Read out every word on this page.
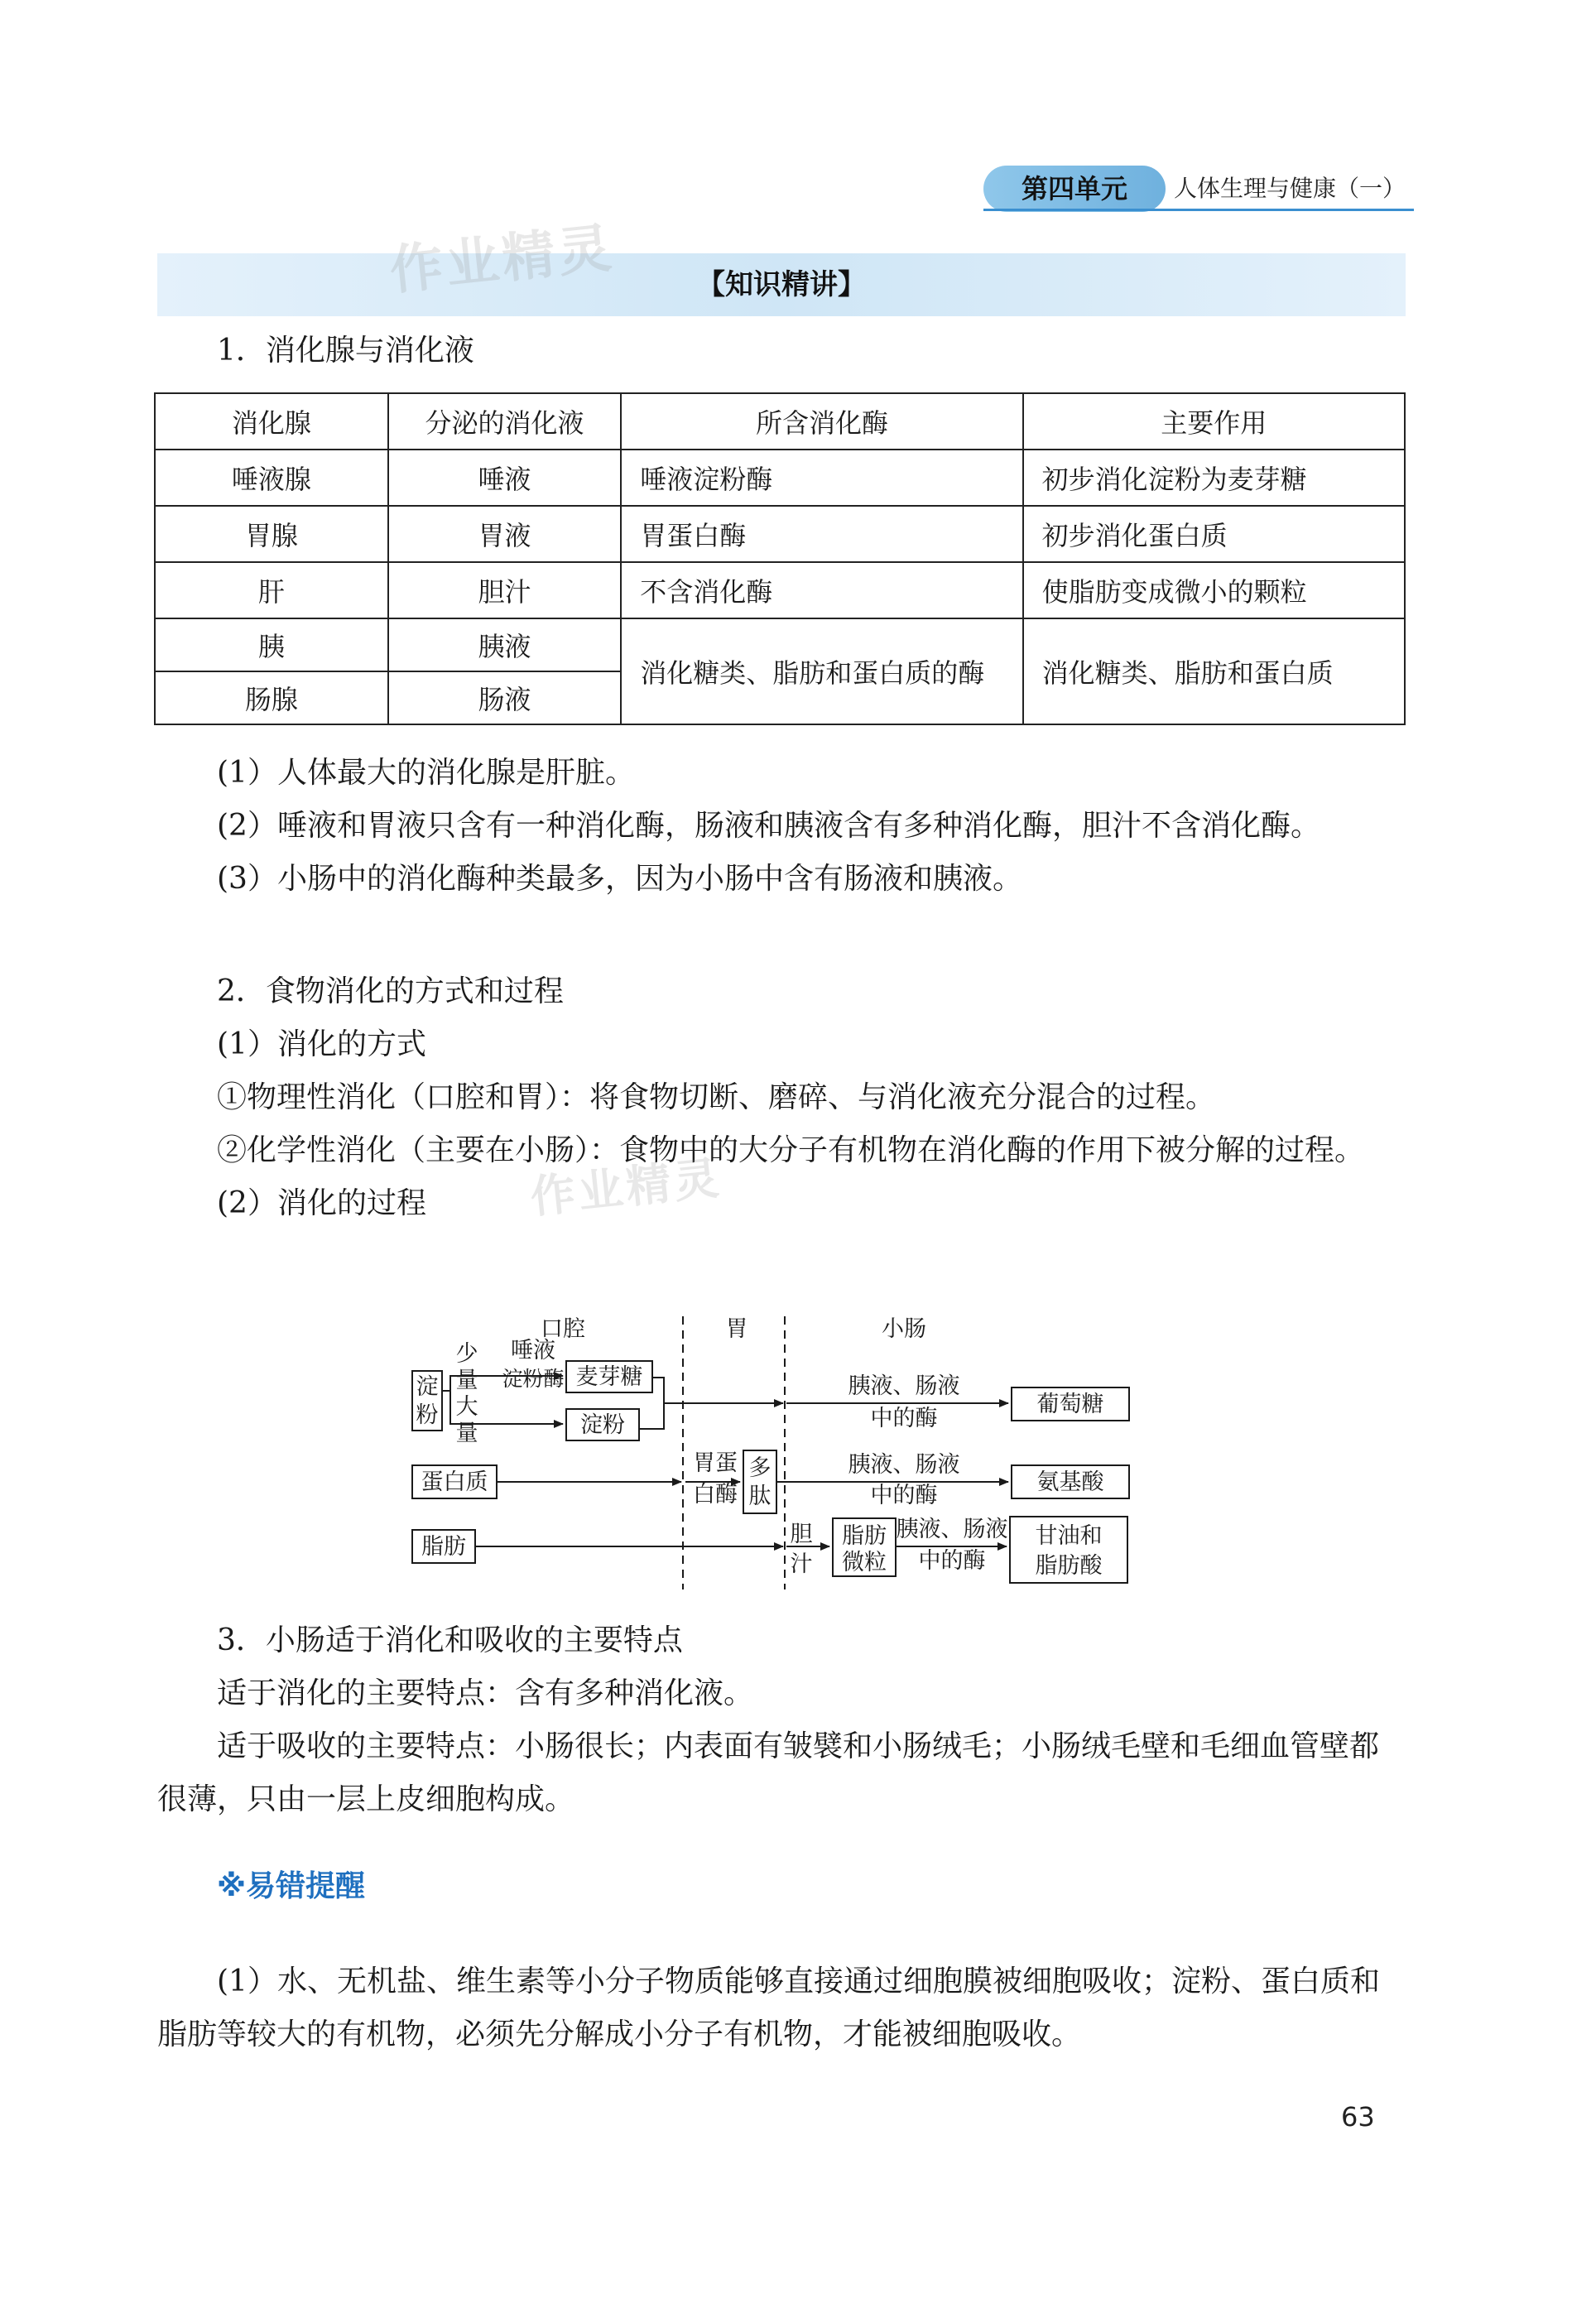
第四单元	人体生理与健康（一）
作业精灵	【知识精讲】
1．消化腺与消化液
消化腺	分泌的消化液	所含消化酶	主要作用
唾液腺	唾液	唾液淀粉酶	初步消化淀粉为麦芽糖
胃腺	胃液	胃蛋白酶	初步消化蛋白质
肝	胆汁	不含消化酶	使脂肪变成微小的颗粒
胰	胰液	消化糖类、脂肪和蛋白质的酶	消化糖类、脂肪和蛋白质
肠腺	肠液		

(1）人体最大的消化腺是肝脏。

(2）唾液和胃液只含有一种消化酶，肠液和胰液含有多种消化酶，胆汁不含消化酶。

(3）小肠中的消化酶种类最多，因为小肠中含有肠液和胰液。

2．食物消化的方式和过程

(1）消化的方式

①物理性消化（口腔和胃）：将食物切断、磨碎、与消化液充分混合的过程。

②化学性消化（主要在小肠）：食物中的大分子有机物在消化酶的作用下被分解的过程。

(2）消化的过程	作业精灵
口腔	胃	小肠
淀
粉
少
量
大
量
唾液
淀粉酶 麦芽糖
淀粉
胰液、肠液
中的酶
葡萄糖
蛋白质
胃蛋
白酶
多
肽
胰液、肠液
中的酶
氨基酸
脂肪	胆
汁
脂肪
微粒
胰液、肠液
中的酶
甘油和
脂肪酸

3．小肠适于消化和吸收的主要特点

适于消化的主要特点：含有多种消化液。

适于吸收的主要特点：小肠很长；内表面有皱襞和小肠绒毛；小肠绒毛壁和毛细血管壁都很薄，只由一层上皮细胞构成。

※易错提醒

(1）水、无机盐、维生素等小分子物质能够直接通过细胞膜被细胞吸收；淀粉、蛋白质和脂肪等较大的有机物，必须先分解成小分子有机物，才能被细胞吸收。

63
